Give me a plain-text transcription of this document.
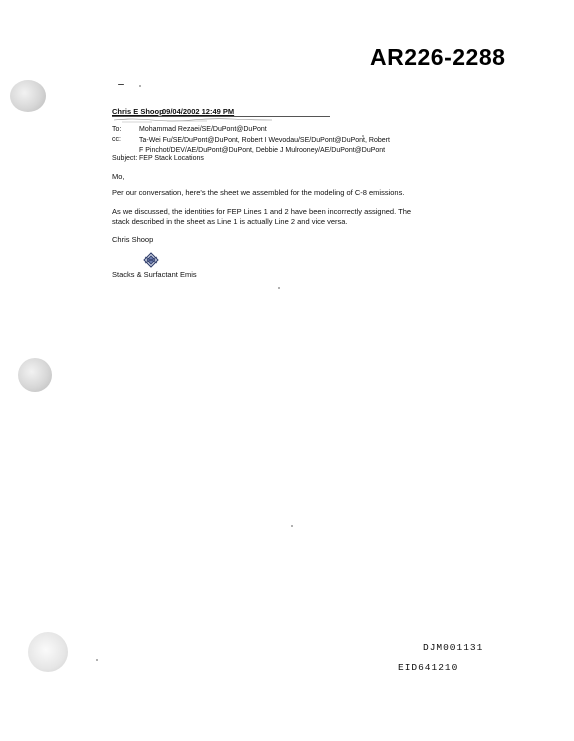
AR226-2288
Chris E Shoop
09/04/2002 12:49 PM
To:	Mohammad Rezaei/SE/DuPont@DuPont
cc:	Ta-Wei Fu/SE/DuPont@DuPont, Robert I Wevodau/SE/DuPont@DuPont, Robert F Pinchot/DEV/AE/DuPont@DuPont, Debbie J Mulrooney/AE/DuPont@DuPont
Subject: FEP Stack Locations
Mo,
Per our conversation, here's the sheet we assembled for the modeling of C-8 emissions.
As we discussed, the identities for FEP Lines 1 and 2 have been incorrectly assigned. The stack described in the sheet as Line 1 is actually Line 2 and vice versa.
Chris Shoop
Stacks & Surfactant Emis
DJM001131
EID641210
